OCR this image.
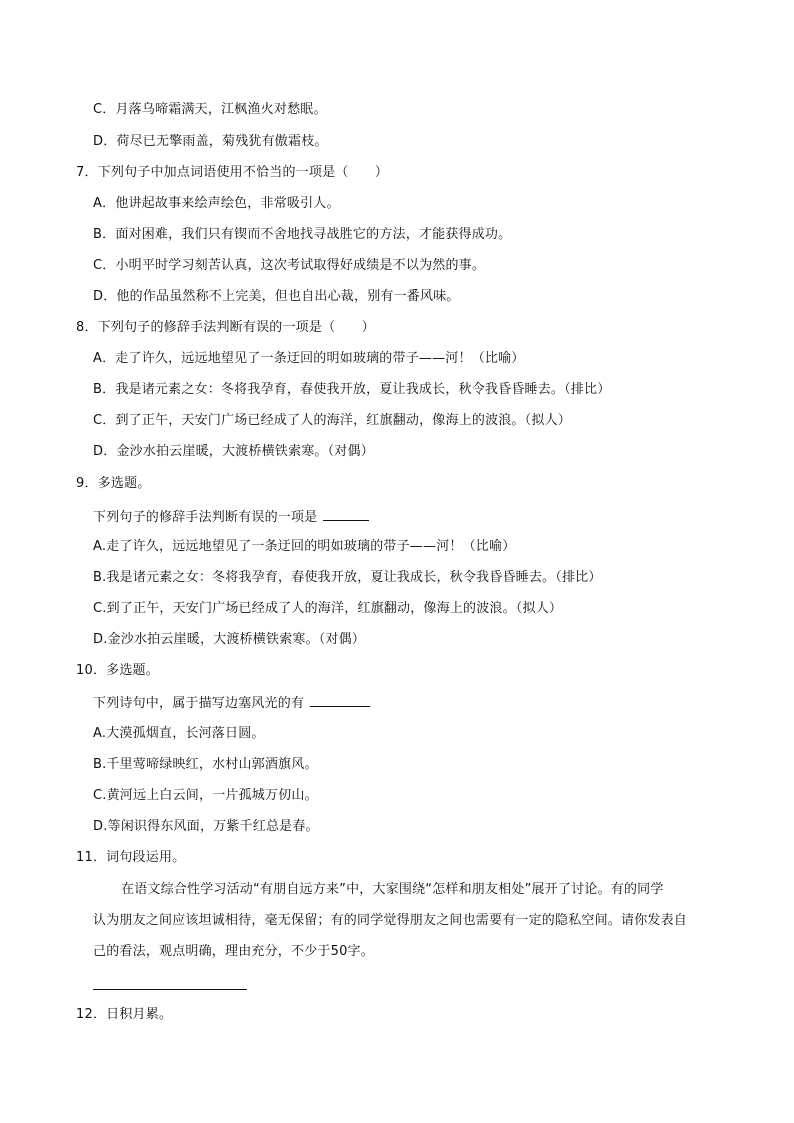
C．月落乌啼霜满天，江枫渔火对愁眠。
D．荷尽已无擎雨盖，菊残犹有傲霜枝。
7．下列句子中加点词语使用不恰当的一项是（　　）
A．他讲起故事来绘声绘色，非常吸引人。
B．面对困难，我们只有锲而不舍地找寻战胜它的方法，才能获得成功。
C．小明平时学习刻苦认真，这次考试取得好成绩是不以为然的事。
D．他的作品虽然称不上完美，但也自出心裁，别有一番风味。
8．下列句子的修辞手法判断有误的一项是（　　）
A．走了许久，远远地望见了一条迂回的明如玻璃的带子——河！（比喻）
B．我是诸元素之女：冬将我孕育，春使我开放，夏让我成长，秋令我昏昏睡去。（排比）
C．到了正午，天安门广场已经成了人的海洋，红旗翻动，像海上的波浪。（拟人）
D．金沙水拍云崖暖，大渡桥横铁索寒。（对偶）
9．多选题。
下列句子的修辞手法判断有误的一项是
A.走了许久，远远地望见了一条迂回的明如玻璃的带子——河！（比喻）
B.我是诸元素之女：冬将我孕育，春使我开放，夏让我成长，秋令我昏昏睡去。（排比）
C.到了正午，天安门广场已经成了人的海洋，红旗翻动，像海上的波浪。（拟人）
D.金沙水拍云崖暖，大渡桥横铁索寒。（对偶）
10．多选题。
下列诗句中，属于描写边塞风光的有
A.大漠孤烟直，长河落日圆。
B.千里莺啼绿映红，水村山郭酒旗风。
C.黄河远上白云间，一片孤城万仞山。
D.等闲识得东风面，万紫千红总是春。
11．词句段运用。
在语文综合性学习活动“有朋自远方来”中，大家围绕“怎样和朋友相处”展开了讨论。有的同学
认为朋友之间应该坦诚相待，毫无保留；有的同学觉得朋友之间也需要有一定的隐私空间。请你发表自
己的看法，观点明确，理由充分，不少于50字。
12．日积月累。
